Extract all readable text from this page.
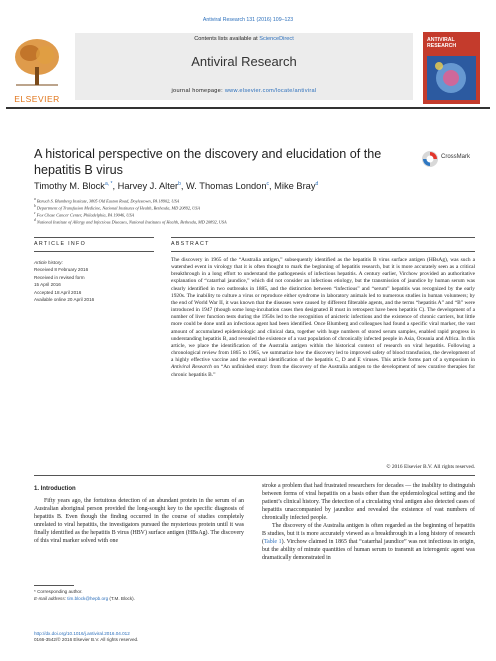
Antiviral Research 131 (2016) 109–123
Contents lists available at ScienceDirect
Antiviral Research
journal homepage: www.elsevier.com/locate/antiviral
ELSEVIER
ANTIVIRAL RESEARCH
A historical perspective on the discovery and elucidation of the hepatitis B virus
CrossMark
Timothy M. Block$^{a, *}$, Harvey J. Alter$^b$, W. Thomas London$^c$, Mike Bray$^d$
$^a$ Baruch S. Blumberg Institute, 3805 Old Easton Road, Doylestown, PA 18902, USA
$^b$ Department of Transfusion Medicine, National Institutes of Health, Bethesda, MD 20892, USA
$^c$ Fox Chase Cancer Center, Philadelphia, PA 19046, USA
$^d$ National Institute of Allergy and Infectious Diseases, National Institutes of Health, Bethesda, MD 20892, USA
ARTICLE INFO
Article history:
Received 8 February 2016
Received in revised form
15 April 2016
Accepted 18 April 2016
Available online 20 April 2016
ABSTRACT
The discovery in 1965 of the “Australia antigen,” subsequently identified as the hepatitis B virus surface antigen (HBsAg), was such a watershed event in virology that it is often thought to mark the beginning of hepatitis research, but it is more accurately seen as a critical breakthrough in a long effort to understand the pathogenesis of infectious hepatitis. A century earlier, Virchow provided an authoritative explanation of “catarrhal jaundice,” which did not consider an infectious etiology, but the transmission of jaundice by human serum was clearly identified in two outbreaks in 1885, and the distinction between “infectious” and “serum” hepatitis was recognized by the early 1920s. The inability to culture a virus or reproduce either syndrome in laboratory animals led to numerous studies in human volunteers; by the end of World War II, it was known that the diseases were caused by different filterable agents, and the terms “hepatitis A” and “B” were introduced in 1947 (though some long-incubation cases then designated B must in retrospect have been hepatitis C). The development of a number of liver function tests during the 1950s led to the recognition of anicteric infections and the existence of chronic carriers, but little more could be done until an infectious agent had been identified. Once Blumberg and colleagues had found a specific viral marker, the vast amount of accumulated epidemiologic and clinical data, together with huge numbers of stored serum samples, enabled rapid progress in understanding hepatitis B, and revealed the existence of a vast population of chronically infected people in Asia, Oceania and Africa. In this article, we place the identification of the Australia antigen within the historical context of research on viral hepatitis. Following a chronological review from 1865 to 1965, we summarize how the discovery led to improved safety of blood transfusion, the development of a highly effective vaccine and the eventual identification of the hepatitis C, D and E viruses. This article forms part of a symposium in Antiviral Research on “An unfinished story: from the discovery of the Australia antigen to the development of new curative therapies for chronic hepatitis B.”
© 2016 Elsevier B.V. All rights reserved.
1. Introduction

Fifty years ago, the fortuitous detection of an abundant protein in the serum of an Australian aboriginal person provided the long-sought key to the specific diagnosis of hepatitis B. Even though the finding occurred in the course of studies completely unrelated to viral hepatitis, the investigators pursued the mysterious protein until it was finally identified as the hepatitis B virus (HBV) surface antigen (HBsAg). The discovery of this viral marker solved with one

stroke a problem that had frustrated researchers for decades — the inability to distinguish between forms of viral hepatitis on a basis other than the epidemiological setting and the patient’s clinical history. The detection of a circulating viral antigen also detected cases of hepatitis unaccompanied by jaundice and revealed the existence of vast numbers of chronically infected people.

The discovery of the Australia antigen is often regarded as the beginning of hepatitis B studies, but it is more accurately viewed as a breakthrough in a long history of research (Table 1). Virchow claimed in 1865 that “catarrhal jaundice” was not infectious in origin, but the ability of minute quantities of human serum to transmit an icterogenic agent was dramatically demonstrated in

* Corresponding author.
E-mail address: tim.block@hepb.org (T.M. Block).
http://dx.doi.org/10.1016/j.antiviral.2016.04.012
0166-3542/© 2016 Elsevier B.V. All rights reserved.
